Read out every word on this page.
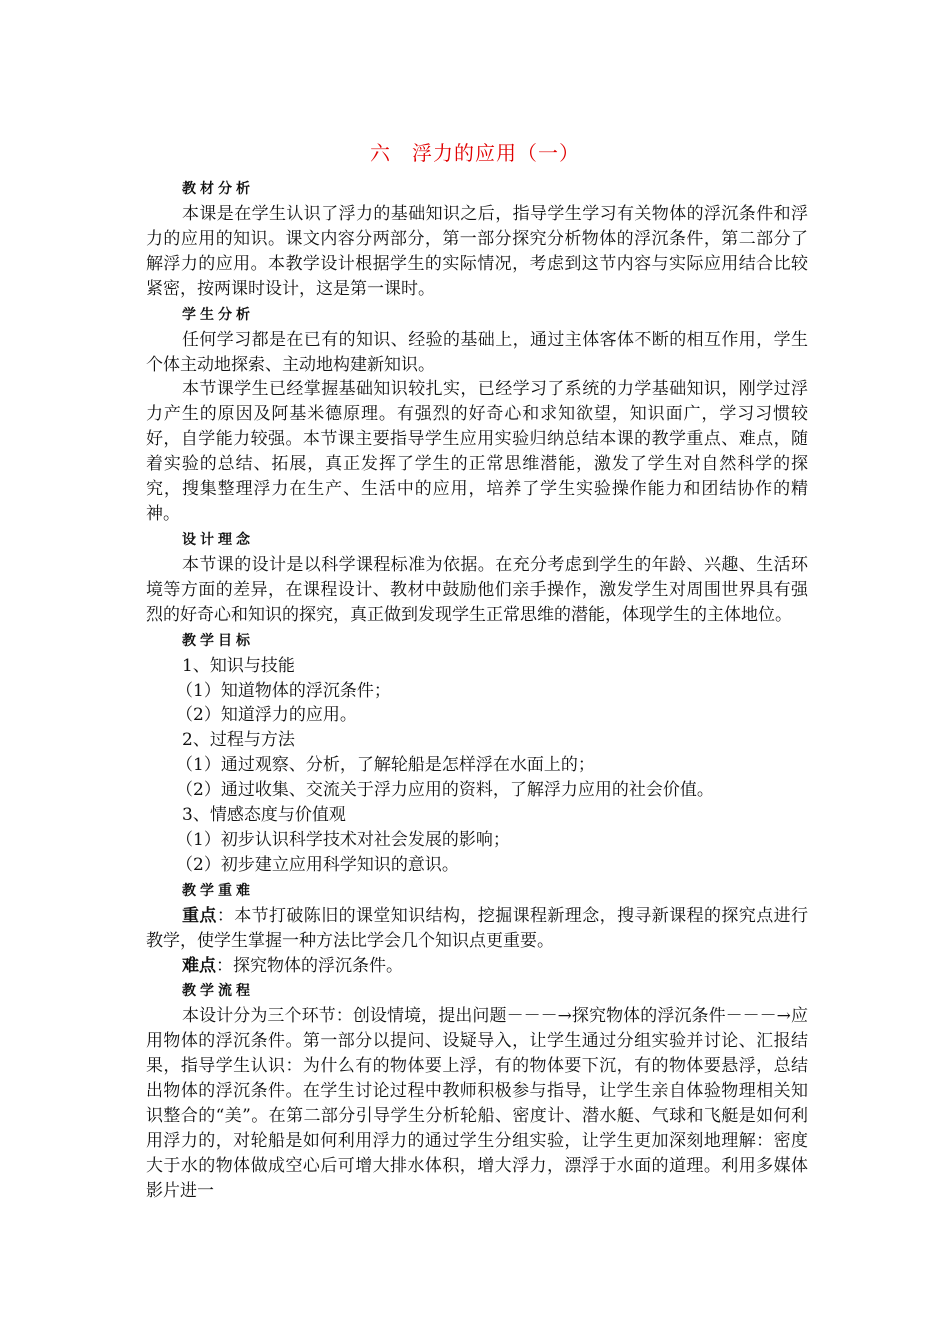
六　浮力的应用（一）
教材分析

本课是在学生认识了浮力的基础知识之后，指导学生学习有关物体的浮沉条件和浮力的应用的知识。课文内容分两部分，第一部分探究分析物体的浮沉条件，第二部分了解浮力的应用。本教学设计根据学生的实际情况，考虑到这节内容与实际应用结合比较紧密，按两课时设计，这是第一课时。

学生分析

任何学习都是在已有的知识、经验的基础上，通过主体客体不断的相互作用，学生个体主动地探索、主动地构建新知识。

本节课学生已经掌握基础知识较扎实，已经学习了系统的力学基础知识，刚学过浮力产生的原因及阿基米德原理。有强烈的好奇心和求知欲望，知识面广，学习习惯较好，自学能力较强。本节课主要指导学生应用实验归纳总结本课的教学重点、难点，随着实验的总结、拓展，真正发挥了学生的正常思维潜能，激发了学生对自然科学的探究，搜集整理浮力在生产、生活中的应用，培养了学生实验操作能力和团结协作的精神。

设计理念

本节课的设计是以科学课程标准为依据。在充分考虑到学生的年龄、兴趣、生活环境等方面的差异，在课程设计、教材中鼓励他们亲手操作，激发学生对周围世界具有强烈的好奇心和知识的探究，真正做到发现学生正常思维的潜能，体现学生的主体地位。

教学目标

1、知识与技能

（1）知道物体的浮沉条件；

（2）知道浮力的应用。

2、过程与方法

（1）通过观察、分析，了解轮船是怎样浮在水面上的；

（2）通过收集、交流关于浮力应用的资料，了解浮力应用的社会价值。

3、情感态度与价值观

（1）初步认识科学技术对社会发展的影响；

（2）初步建立应用科学知识的意识。

教学重难

重点：本节打破陈旧的课堂知识结构，挖掘课程新理念，搜寻新课程的探究点进行教学，使学生掌握一种方法比学会几个知识点更重要。

难点：探究物体的浮沉条件。

教学流程

本设计分为三个环节：创设情境，提出问题－－－→探究物体的浮沉条件－－－→应用物体的浮沉条件。第一部分以提问、设疑导入，让学生通过分组实验并讨论、汇报结果，指导学生认识：为什么有的物体要上浮，有的物体要下沉，有的物体要悬浮，总结出物体的浮沉条件。在学生讨论过程中教师积极参与指导，让学生亲自体验物理相关知识整合的“美”。在第二部分引导学生分析轮船、密度计、潜水艇、气球和飞艇是如何利用浮力的，对轮船是如何利用浮力的通过学生分组实验，让学生更加深刻地理解：密度大于水的物体做成空心后可增大排水体积，增大浮力，漂浮于水面的道理。利用多媒体影片进一
